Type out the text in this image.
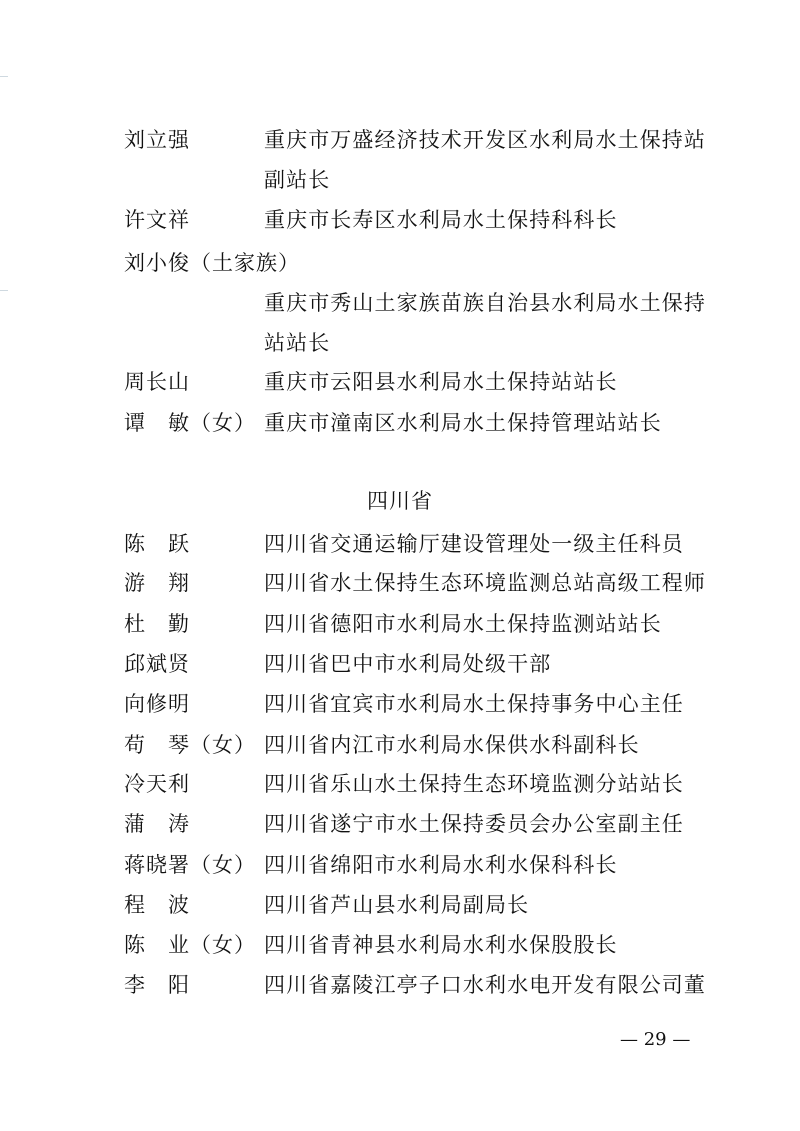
刘立强	重庆市万盛经济技术开发区水利局水土保持站
副站长
许文祥	重庆市长寿区水利局水土保持科科长
刘小俊（土家族）
重庆市秀山土家族苗族自治县水利局水土保持
站站长
周长山	重庆市云阳县水利局水土保持站站长
谭　敏（女） 重庆市潼南区水利局水土保持管理站站长
四川省
陈　跃	四川省交通运输厅建设管理处一级主任科员
游　翔	四川省水土保持生态环境监测总站高级工程师
杜　勤	四川省德阳市水利局水土保持监测站站长
邱斌贤	四川省巴中市水利局处级干部
向修明	四川省宜宾市水利局水土保持事务中心主任
苟　琴（女） 四川省内江市水利局水保供水科副科长
冷天利	四川省乐山水土保持生态环境监测分站站长
蒲　涛	四川省遂宁市水土保持委员会办公室副主任
蒋晓署（女） 四川省绵阳市水利局水利水保科科长
程　波	四川省芦山县水利局副局长
陈　业（女） 四川省青神县水利局水利水保股股长
李　阳	四川省嘉陵江亭子口水利水电开发有限公司董
— 29 —
